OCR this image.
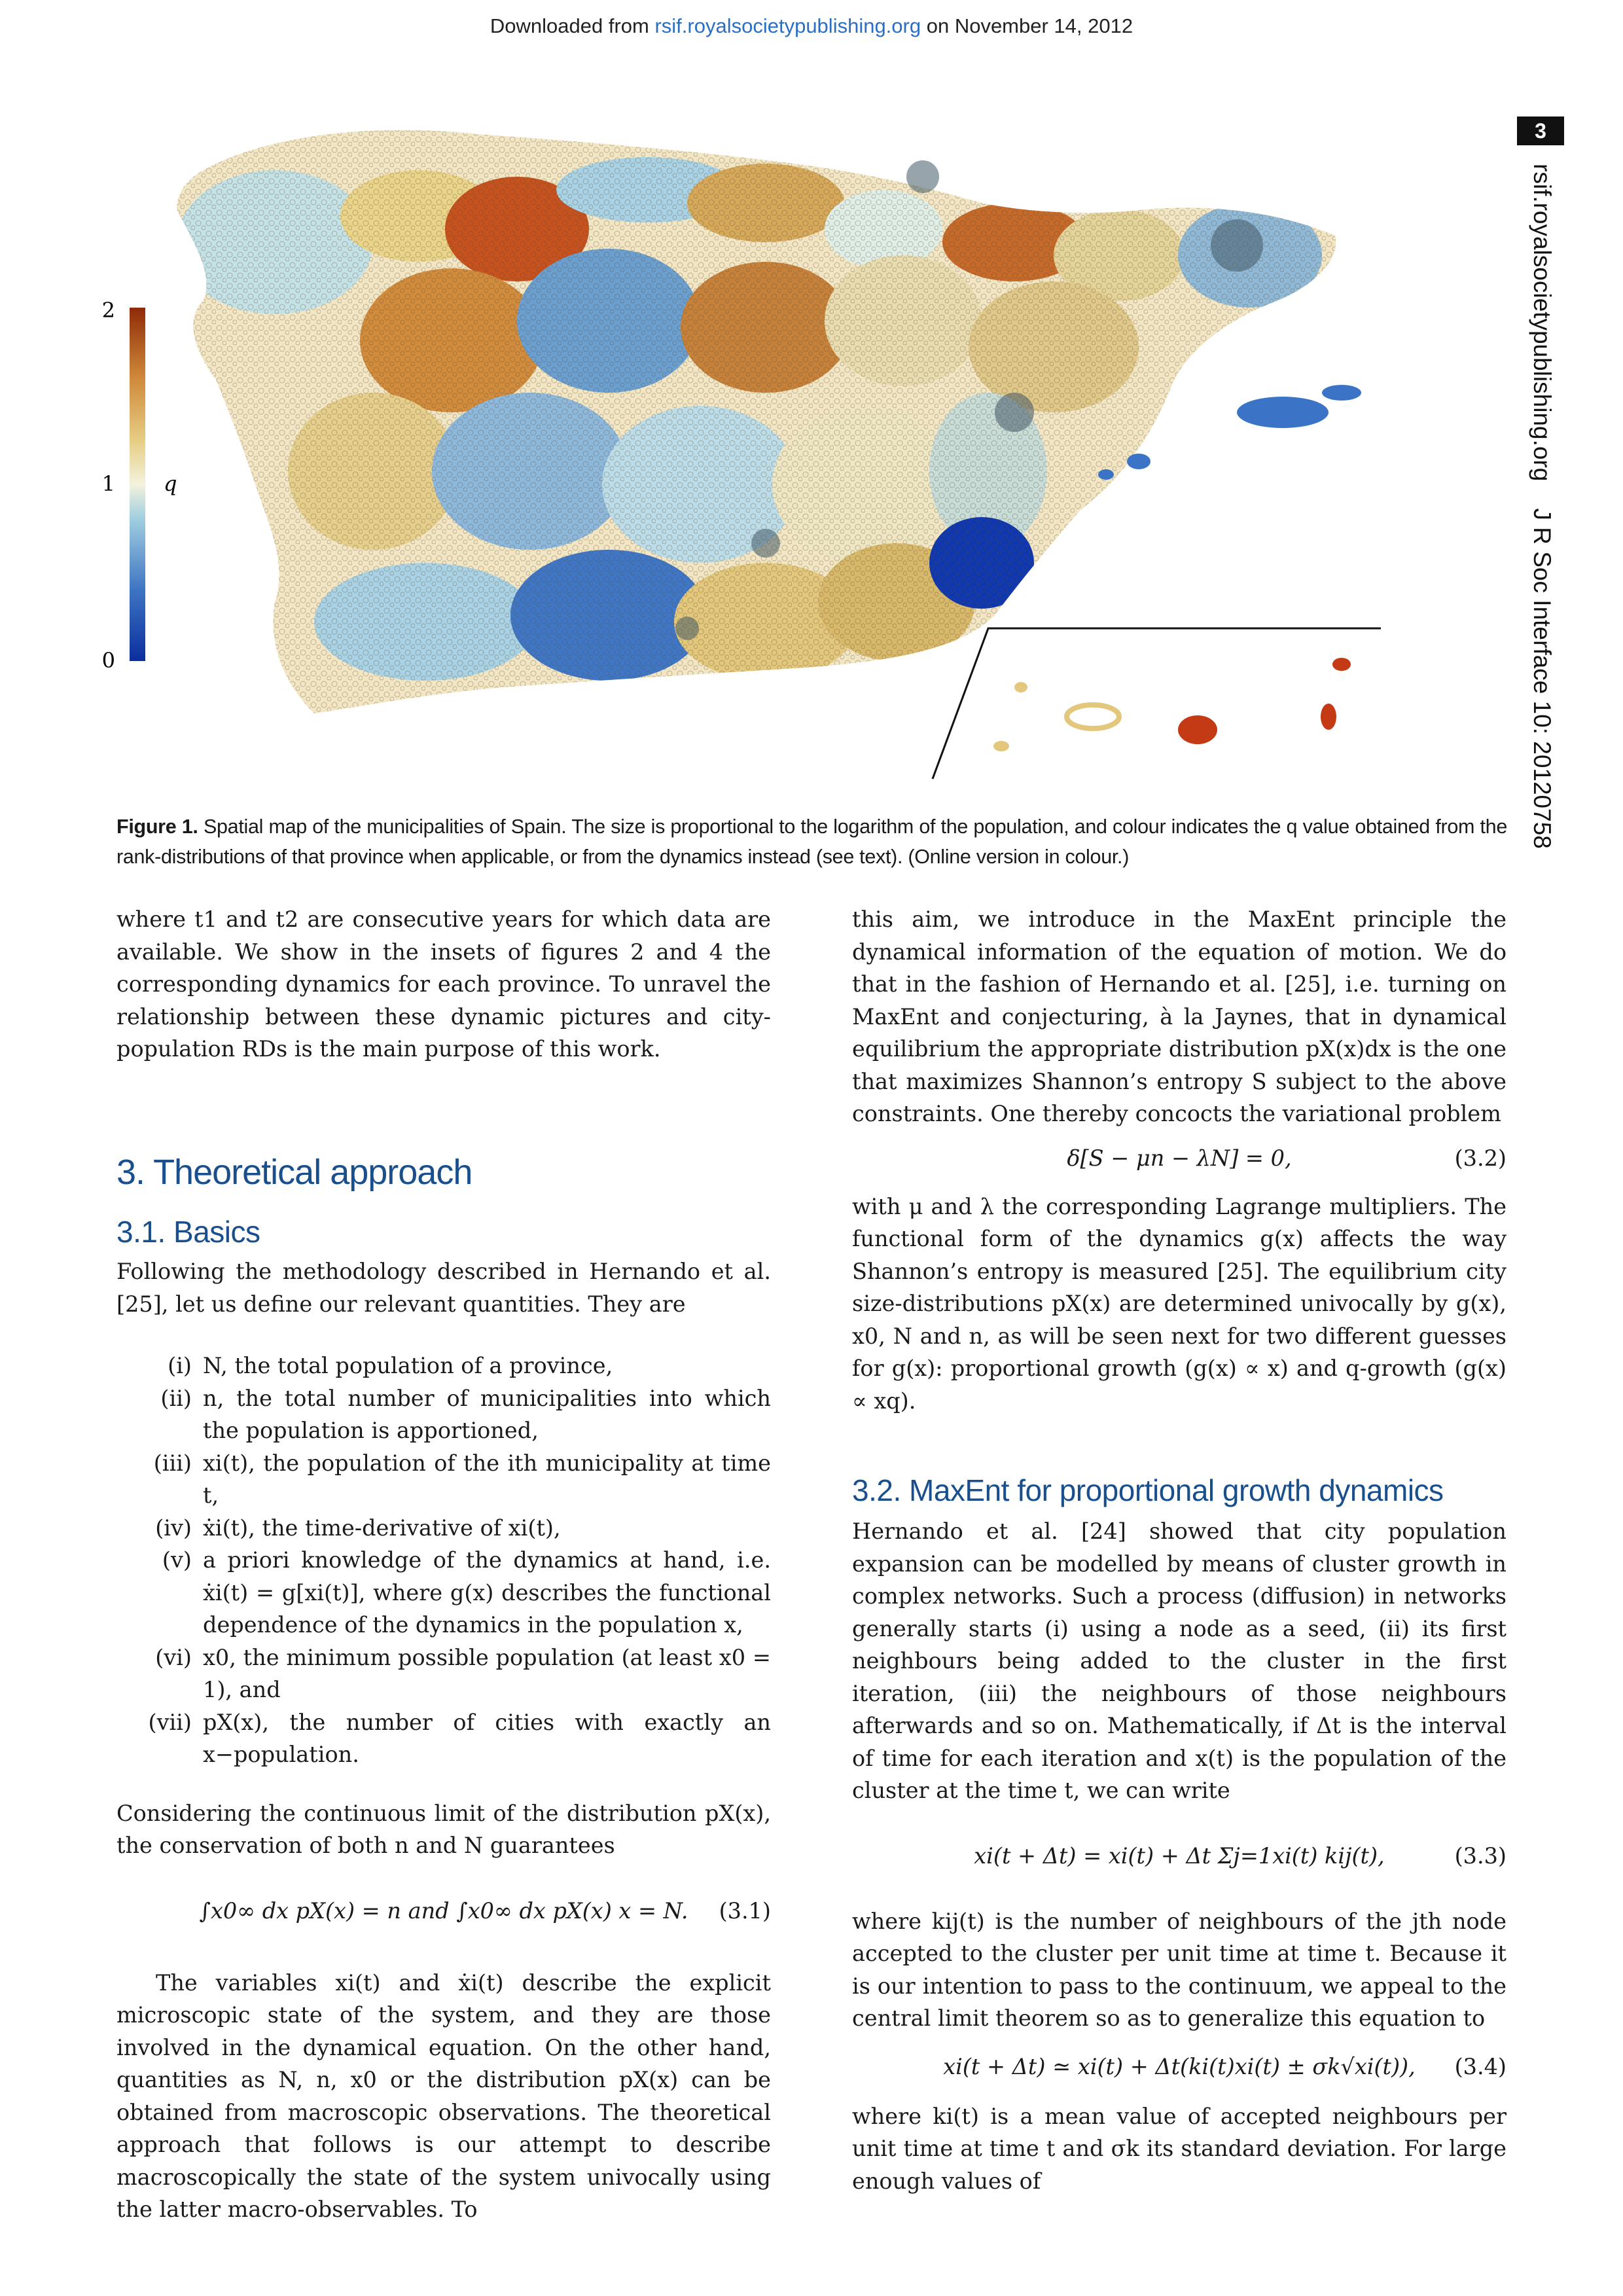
Downloaded from rsif.royalsocietypublishing.org on November 14, 2012
3
rsif.royalsocietypublishing.org    J R Soc Interface 10: 20120758
2
1
0
q
Figure 1. Spatial map of the municipalities of Spain. The size is proportional to the logarithm of the population, and colour indicates the q value obtained from the rank-distributions of that province when applicable, or from the dynamics instead (see text). (Online version in colour.)

where t1 and t2 are consecutive years for which data are available. We show in the insets of figures 2 and 4 the corresponding dynamics for each province. To unravel the relationship between these dynamic pictures and city-population RDs is the main purpose of this work.

3. Theoretical approach
3.1. Basics

Following the methodology described in Hernando et al. [25], let us define our relevant quantities. They are

(i) N, the total population of a province,
(ii) n, the total number of municipalities into which the population is apportioned,
(iii) xi(t), the population of the ith municipality at time t,
(iv) ẋi(t), the time-derivative of xi(t),
(v) a priori knowledge of the dynamics at hand, i.e. ẋi(t) = g[xi(t)], where g(x) describes the functional dependence of the dynamics in the population x,
(vi) x0, the minimum possible population (at least x0 = 1), and
(vii) pX(x), the number of cities with exactly an x−population.

Considering the continuous limit of the distribution pX(x), the conservation of both n and N guarantees

∫x0∞ dx pX(x) = n and ∫x0∞ dx pX(x) x = N.	(3.1)

The variables xi(t) and ẋi(t) describe the explicit microscopic state of the system, and they are those involved in the dynamical equation. On the other hand, quantities as N, n, x0 or the distribution pX(x) can be obtained from macroscopic observations. The theoretical approach that follows is our attempt to describe macroscopically the state of the system univocally using the latter macro-observables. To

this aim, we introduce in the MaxEnt principle the dynamical information of the equation of motion. We do that in the fashion of Hernando et al. [25], i.e. turning on MaxEnt and conjecturing, à la Jaynes, that in dynamical equilibrium the appropriate distribution pX(x)dx is the one that maximizes Shannon’s entropy S subject to the above constraints. One thereby concocts the variational problem

δ[S − μn − λN] = 0,	(3.2)

with μ and λ the corresponding Lagrange multipliers. The functional form of the dynamics g(x) affects the way Shannon’s entropy is measured [25]. The equilibrium city size-distributions pX(x) are determined univocally by g(x), x0, N and n, as will be seen next for two different guesses for g(x): proportional growth (g(x) ∝ x) and q-growth (g(x) ∝ xq).

3.2. MaxEnt for proportional growth dynamics

Hernando et al. [24] showed that city population expansion can be modelled by means of cluster growth in complex networks. Such a process (diffusion) in networks generally starts (i) using a node as a seed, (ii) its first neighbours being added to the cluster in the first iteration, (iii) the neighbours of those neighbours afterwards and so on. Mathematically, if Δt is the interval of time for each iteration and x(t) is the population of the cluster at the time t, we can write

xi(t + Δt) = xi(t) + Δt Σj=1xi(t) kij(t),	(3.3)

where kij(t) is the number of neighbours of the jth node accepted to the cluster per unit time at time t. Because it is our intention to pass to the continuum, we appeal to the central limit theorem so as to generalize this equation to

xi(t + Δt) ≃ xi(t) + Δt(ki(t)xi(t) ± σk√xi(t)),	(3.4)

where ki(t) is a mean value of accepted neighbours per unit time at time t and σk its standard deviation. For large enough values of
